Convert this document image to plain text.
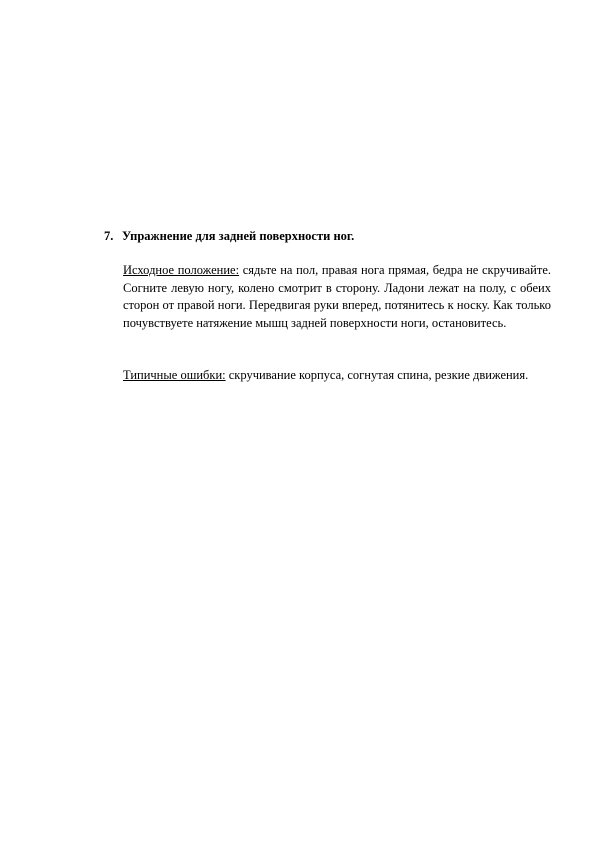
7. Упражнение для задней поверхности ног.
Исходное положение: сядьте на пол, правая нога прямая, бедра не скручивайте. Согните левую ногу, колено смотрит в сторону. Ладони лежат на полу, с обеих сторон от правой ноги. Передвигая руки вперед, потянитесь к носку. Как только почувствуете натяжение мышц задней поверхности ноги, остановитесь.
Типичные ошибки: скручивание корпуса, согнутая спина, резкие движения.
